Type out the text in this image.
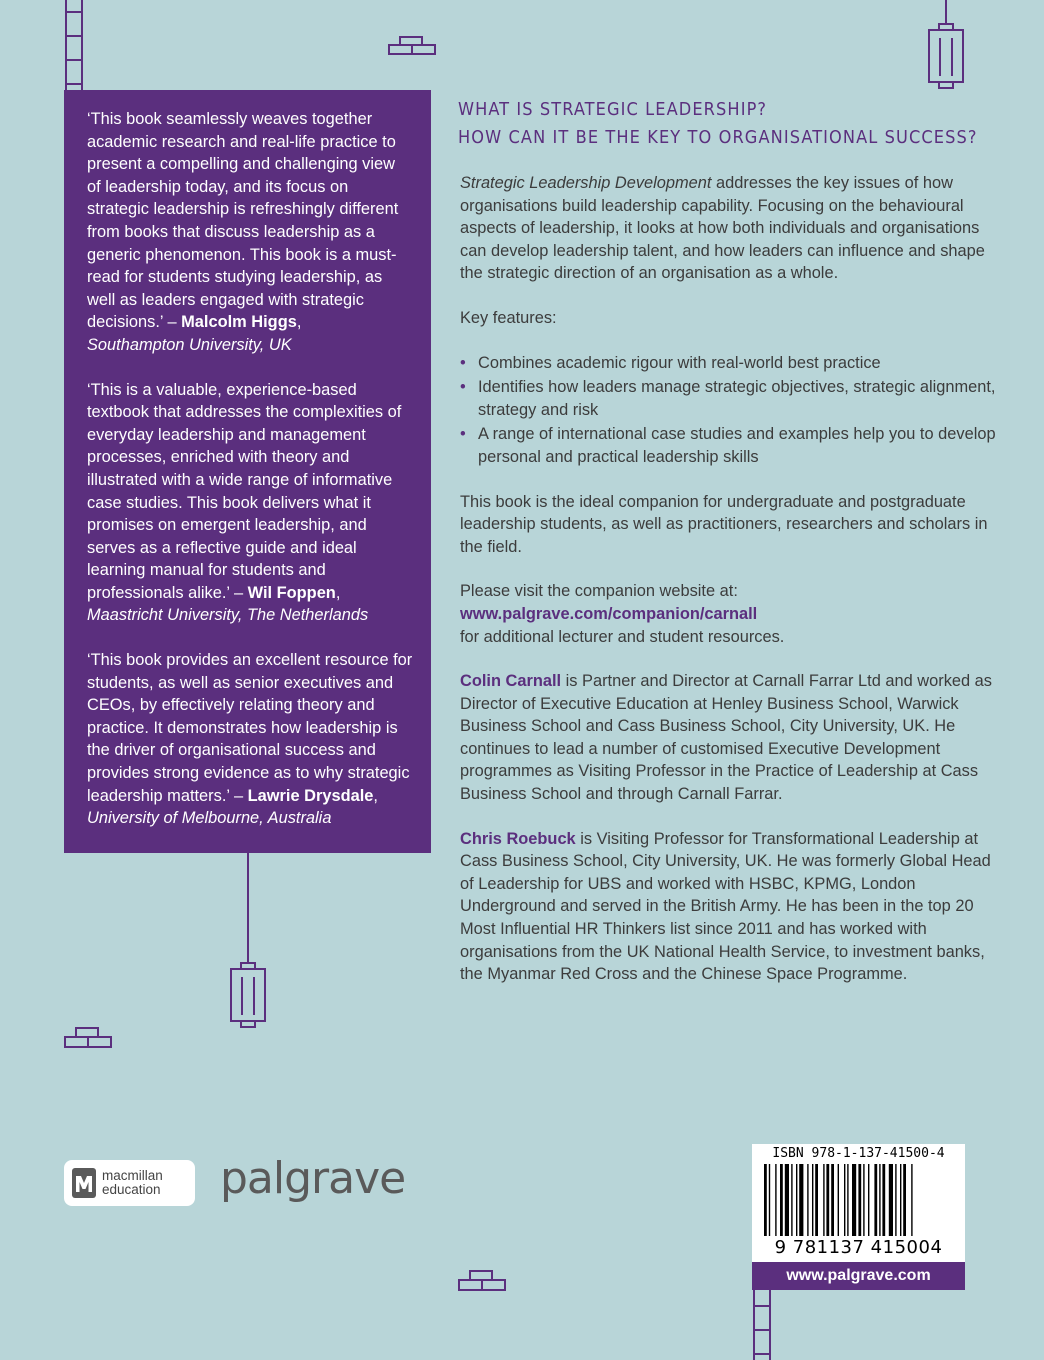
‘This book seamlessly weaves together academic research and real-life practice to present a compelling and challenging view of leadership today, and its focus on strategic leadership is refreshingly different from books that discuss leadership as a generic phenomenon. This book is a must-read for students studying leadership, as well as leaders engaged with strategic decisions.’ – Malcolm Higgs,
Southampton University, UK

‘This is a valuable, experience-based textbook that addresses the complexities of everyday leadership and management processes, enriched with theory and illustrated with a wide range of informative case studies. This book delivers what it promises on emergent leadership, and serves as a reflective guide and ideal learning manual for students and professionals alike.’ – Wil Foppen,
Maastricht University, The Netherlands

‘This book provides an excellent resource for students, as well as senior executives and CEOs, by effectively relating theory and practice. It demonstrates how leadership is the driver of organisational success and provides strong evidence as to why strategic leadership matters.’ – Lawrie Drysdale,
University of Melbourne, Australia

WHAT IS STRATEGIC LEADERSHIP?
HOW CAN IT BE THE KEY TO ORGANISATIONAL SUCCESS?

Strategic Leadership Development addresses the key issues of how organisations build leadership capability. Focusing on the behavioural aspects of leadership, it looks at how both individuals and organisations can develop leadership talent, and how leaders can influence and shape the strategic direction of an organisation as a whole.

Key features:

• Combines academic rigour with real-world best practice
• Identifies how leaders manage strategic objectives, strategic alignment, strategy and risk
• A range of international case studies and examples help you to develop personal and practical leadership skills

This book is the ideal companion for undergraduate and postgraduate leadership students, as well as practitioners, researchers and scholars in the field.

Please visit the companion website at:
www.palgrave.com/companion/carnall
for additional lecturer and student resources.

Colin Carnall is Partner and Director at Carnall Farrar Ltd and worked as Director of Executive Education at Henley Business School, Warwick Business School and Cass Business School, City University, UK. He continues to lead a number of customised Executive Development programmes as Visiting Professor in the Practice of Leadership at Cass Business School and through Carnall Farrar.

Chris Roebuck is Visiting Professor for Transformational Leadership at Cass Business School, City University, UK. He was formerly Global Head of Leadership for UBS and worked with HSBC, KPMG, London Underground and served in the British Army. He has been in the top 20 Most Influential HR Thinkers list since 2011 and has worked with organisations from the UK National Health Service, to investment banks, the Myanmar Red Cross and the Chinese Space Programme.

macmillan
education palgrave	ISBN 978-1-137-41500-4
9 781137 415004
www.palgrave.com
